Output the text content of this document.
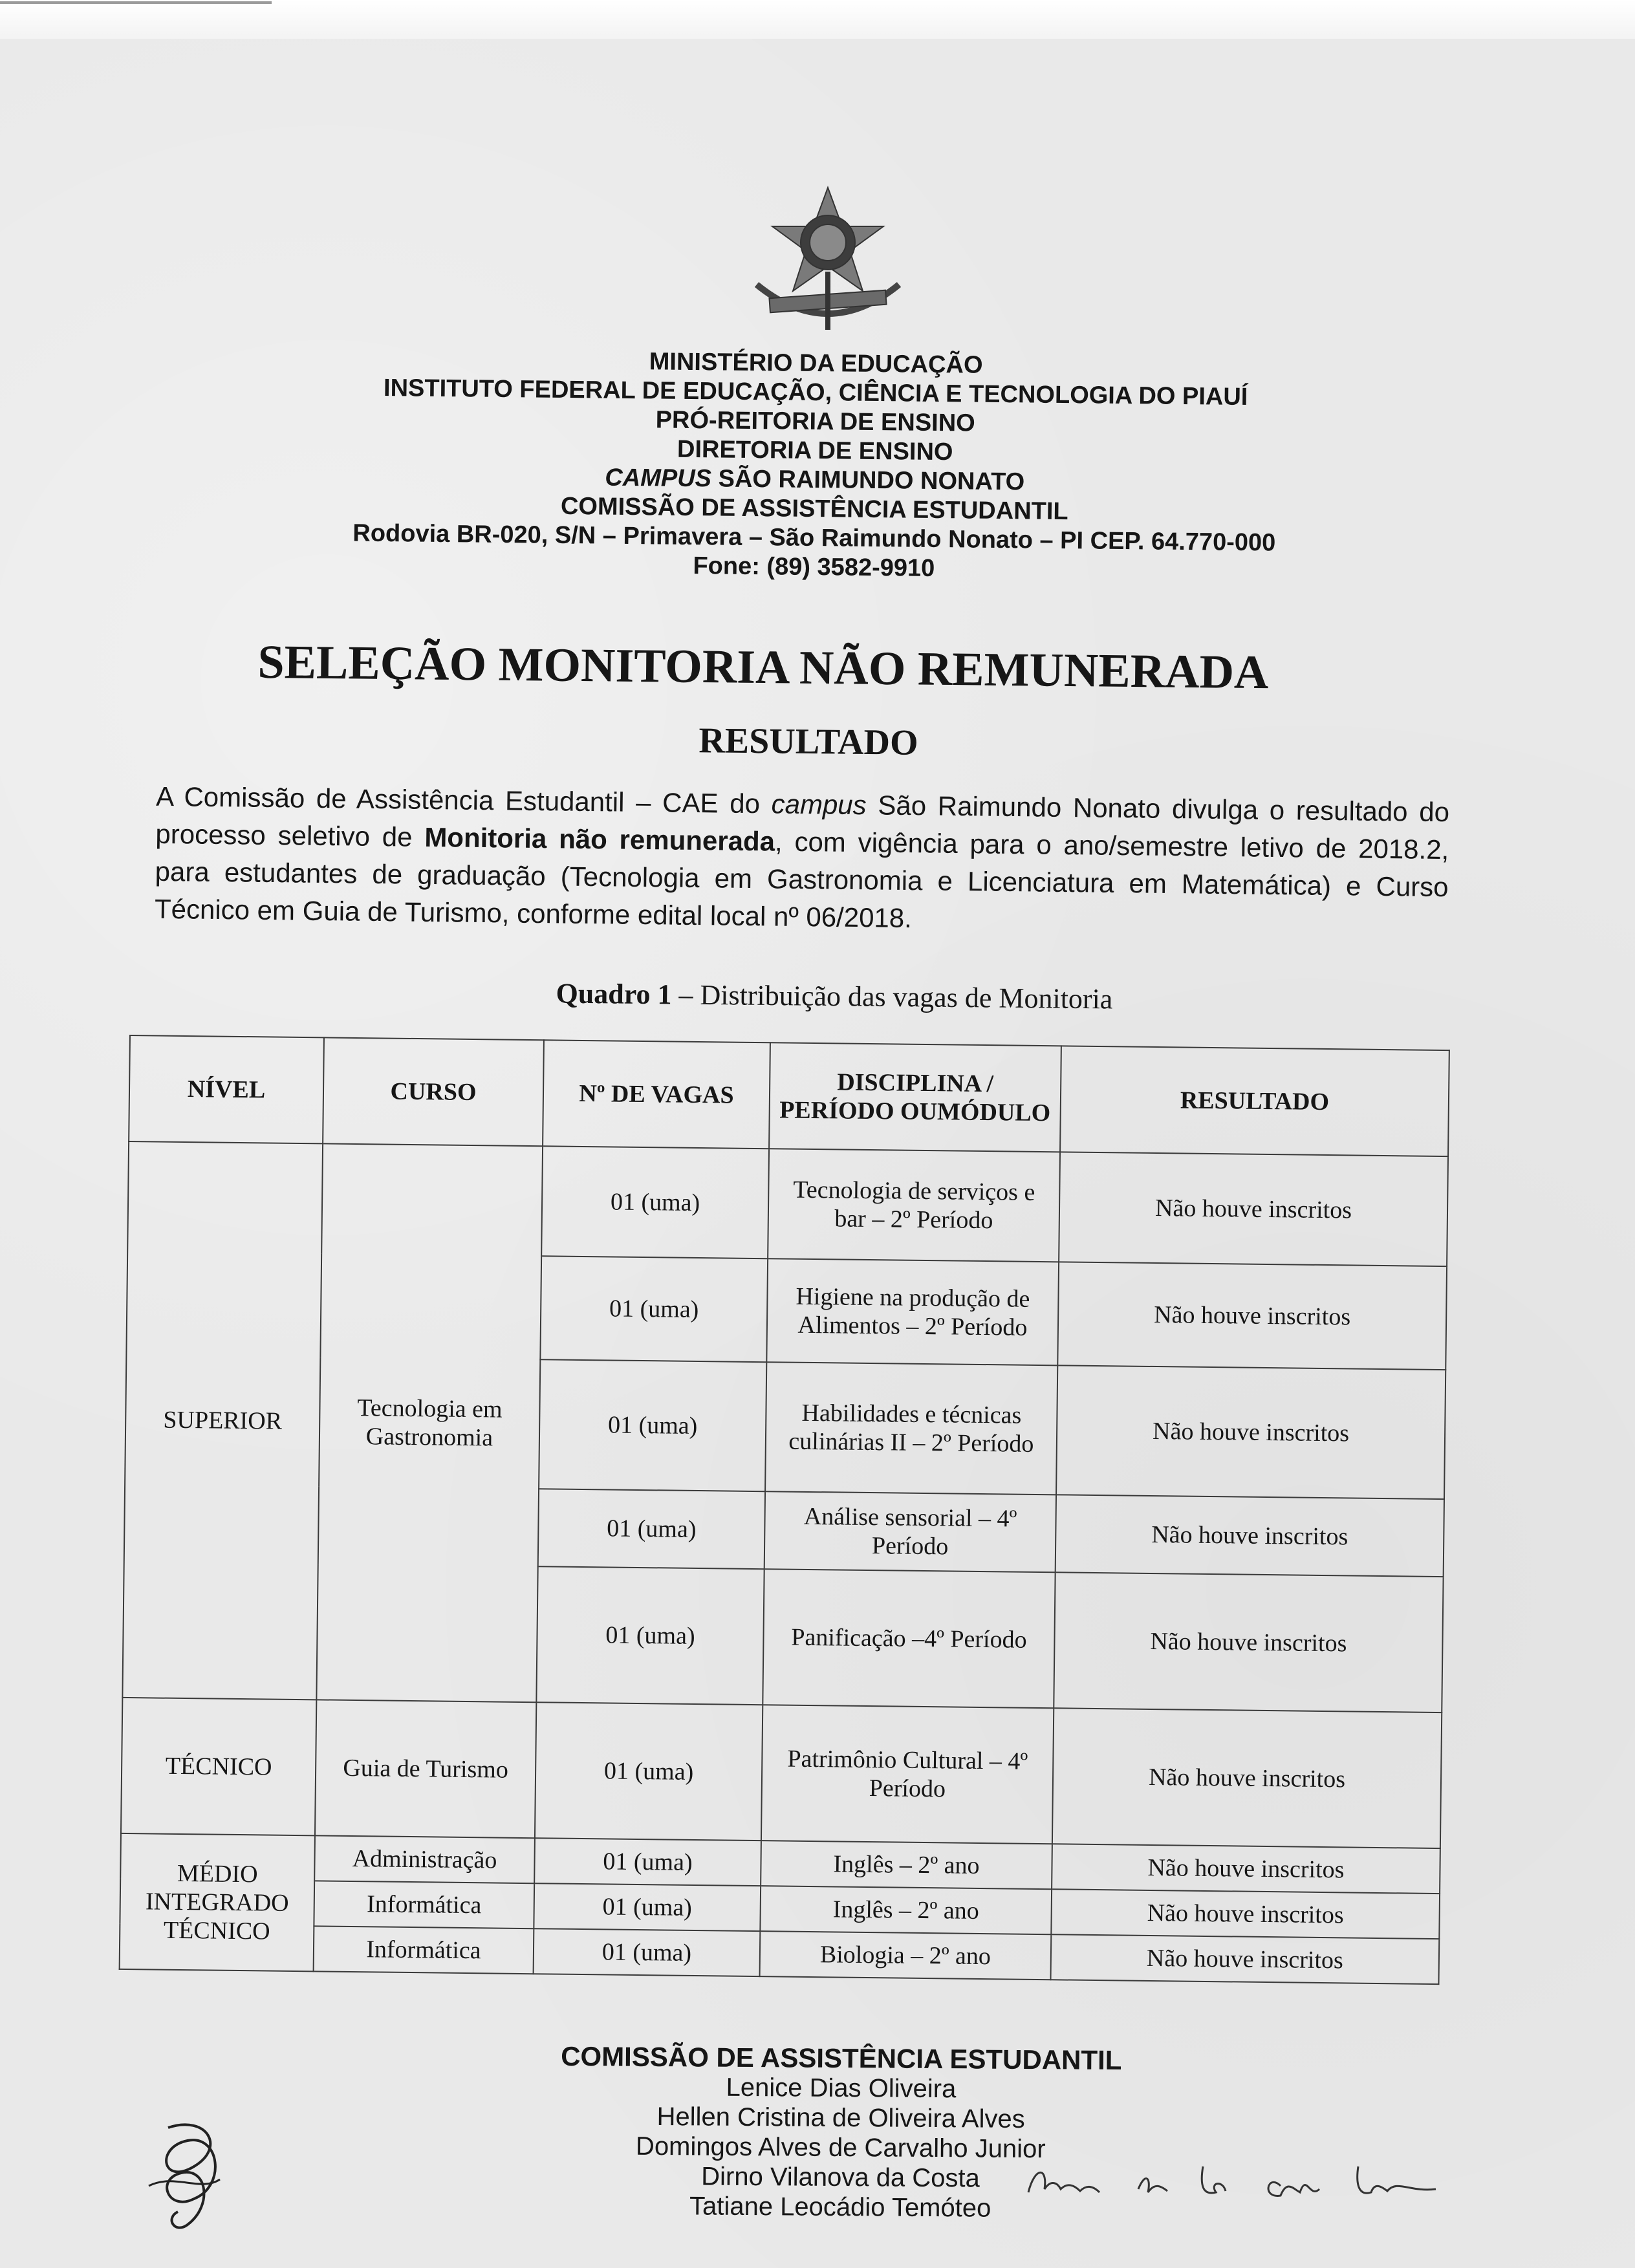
MINISTÉRIO DA EDUCAÇÃO
INSTITUTO FEDERAL DE EDUCAÇÃO, CIÊNCIA E TECNOLOGIA DO PIAUÍ
PRÓ-REITORIA DE ENSINO
DIRETORIA DE ENSINO
CAMPUS SÃO RAIMUNDO NONATO
COMISSÃO DE ASSISTÊNCIA ESTUDANTIL
Rodovia BR-020, S/N – Primavera – São Raimundo Nonato – PI CEP. 64.770-000
Fone: (89) 3582-9910
SELEÇÃO MONITORIA NÃO REMUNERADA
RESULTADO
A Comissão de Assistência Estudantil – CAE do campus São Raimundo Nonato divulga o resultado do processo seletivo de Monitoria não remunerada, com vigência para o ano/semestre letivo de 2018.2, para estudantes de graduação (Tecnologia em Gastronomia e Licenciatura em Matemática) e Curso Técnico em Guia de Turismo, conforme edital local nº 06/2018.
Quadro 1 – Distribuição das vagas de Monitoria
NÍVEL	CURSO	Nº DE VAGAS	DISCIPLINA / PERÍODO OUMÓDULO	RESULTADO
SUPERIOR	Tecnologia em Gastronomia	01 (uma)	Tecnologia de serviços e bar – 2º Período	Não houve inscritos
		01 (uma)	Higiene na produção de Alimentos – 2º Período	Não houve inscritos
		01 (uma)	Habilidades e técnicas culinárias II – 2º Período	Não houve inscritos
		01 (uma)	Análise sensorial – 4º Período	Não houve inscritos
		01 (uma)	Panificação –4º Período	Não houve inscritos
TÉCNICO	Guia de Turismo	01 (uma)	Patrimônio Cultural – 4º Período	Não houve inscritos
MÉDIO INTEGRADO TÉCNICO	Administração	01 (uma)	Inglês – 2º ano	Não houve inscritos
	Informática	01 (uma)	Inglês – 2º ano	Não houve inscritos
	Informática	01 (uma)	Biologia – 2º ano	Não houve inscritos
COMISSÃO DE ASSISTÊNCIA ESTUDANTIL
Lenice Dias Oliveira
Hellen Cristina de Oliveira Alves
Domingos Alves de Carvalho Junior
Dirno Vilanova da Costa
Tatiane Leocádio Temóteo
